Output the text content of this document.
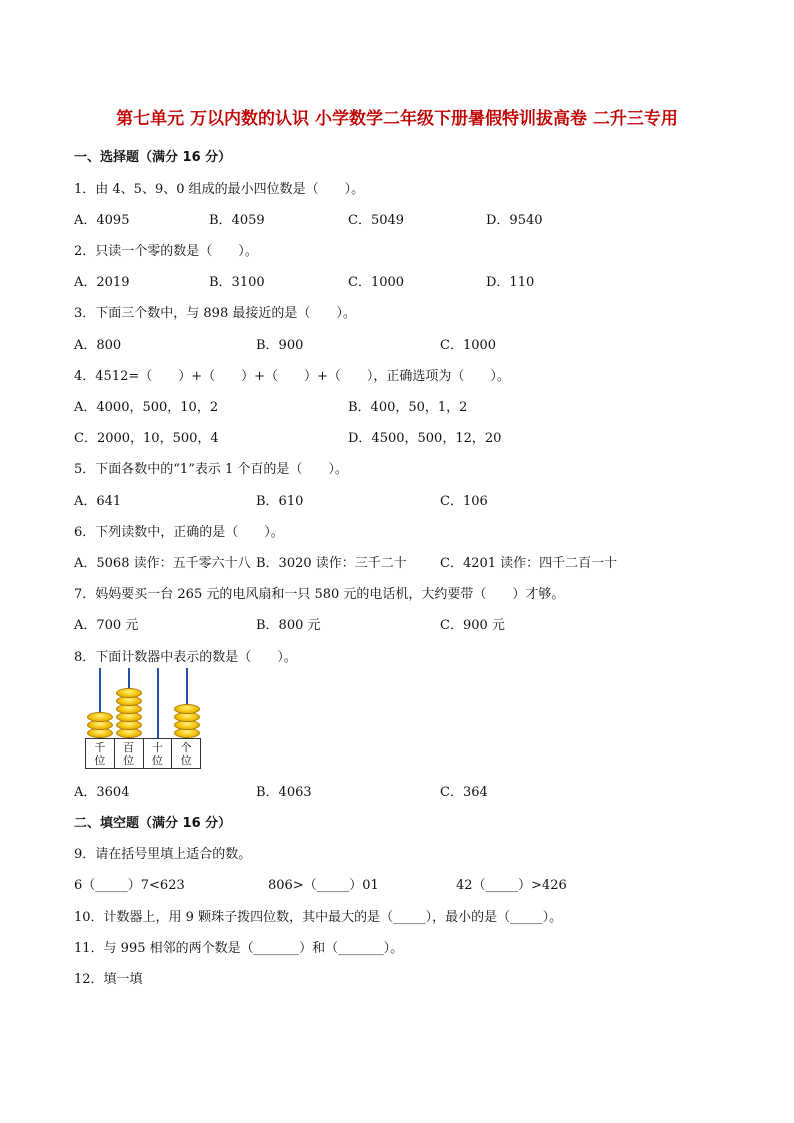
第七单元 万以内数的认识 小学数学二年级下册暑假特训拔高卷 二升三专用
一、选择题（满分 16 分）
1．由 4、5、9、0 组成的最小四位数是（　　）。
A．4095	B．4059	C．5049	D．9540
2．只读一个零的数是（　　）。
A．2019	B．3100	C．1000	D．110
3．下面三个数中，与 898 最接近的是（　　）。
A．800	B．900	C．1000
4．4512=（　　）+（　　）+（　　）+（　　），正确选项为（　　）。
A．4000，500，10，2	B．400，50，1，2
C．2000，10，500，4	D．4500，500，12，20
5．下面各数中的“1”表示 1 个百的是（　　）。
A．641	B．610	C．106
6．下列读数中，正确的是（　　）。
A．5068 读作：五千零六十八 B．3020 读作：三千二十	C．4201 读作：四千二百一十
7．妈妈要买一台 265 元的电风扇和一只 580 元的电话机，大约要带（　　）才够。
A．700 元	B．800 元	C．900 元
8．下面计数器中表示的数是（　　）。
千位
百位
十位
个位
A．3604	B．4063	C．364
二、填空题（满分 16 分）
9．请在括号里填上适合的数。
6（_____）7<623	806>（_____）01	42（_____）>426
10．计数器上，用 9 颗珠子拨四位数，其中最大的是（_____），最小的是（_____）。
11．与 995 相邻的两个数是（_______）和（_______）。
12．填一填
